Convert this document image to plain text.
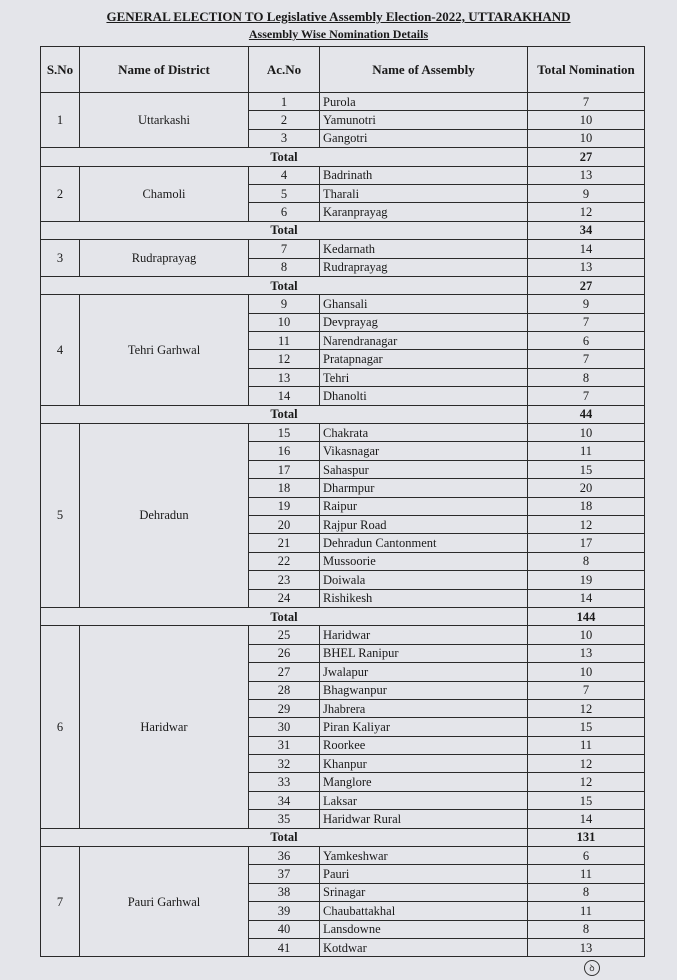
GENERAL ELECTION TO Legislative Assembly Election-2022, UTTARAKHAND
Assembly Wise Nomination Details
S.No	Name of District	Ac.No	Name of Assembly	Total Nomination
1	Uttarkashi	1	Purola	7
		2	Yamunotri	10
		3	Gangotri	10
Total				27
2	Chamoli	4	Badrinath	13
		5	Tharali	9
		6	Karanprayag	12
Total				34
3	Rudraprayag	7	Kedarnath	14
		8	Rudraprayag	13
Total				27
4	Tehri Garhwal	9	Ghansali	9
		10	Devprayag	7
		11	Narendranagar	6
		12	Pratapnagar	7
		13	Tehri	8
		14	Dhanolti	7
Total				44
5	Dehradun	15	Chakrata	10
		16	Vikasnagar	11
		17	Sahaspur	15
		18	Dharmpur	20
		19	Raipur	18
		20	Rajpur Road	12
		21	Dehradun Cantonment	17
		22	Mussoorie	8
		23	Doiwala	19
		24	Rishikesh	14
Total				144
6	Haridwar	25	Haridwar	10
		26	BHEL Ranipur	13
		27	Jwalapur	10
		28	Bhagwanpur	7
		29	Jhabrera	12
		30	Piran Kaliyar	15
		31	Roorkee	11
		32	Khanpur	12
		33	Manglore	12
		34	Laksar	15
		35	Haridwar Rural	14
Total				131
7	Pauri Garhwal	36	Yamkeshwar	6
		37	Pauri	11
		38	Srinagar	8
		39	Chaubattakhal	11
		40	Lansdowne	8
		41	Kotdwar	13
ꝺ
